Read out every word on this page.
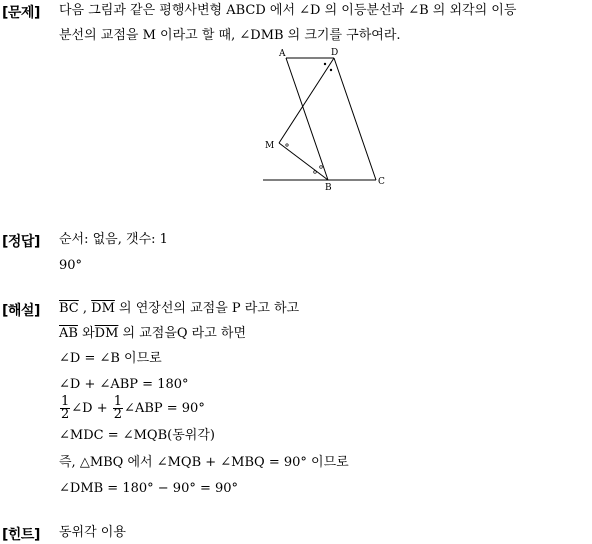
[문제] 다음 그림과 같은 평행사변형 ABCD 에서 ∠D 의 이등분선과 ∠B 의 외각의 이등
분선의 교점을 M 이라고 할 때, ∠DMB 의 크기를 구하여라.
A	D
M
B
C
[정답] 순서: 없음, 갯수: 1
90°
[해설] $\overline{BC}$ , $\overline{DM}$ 의 연장선의 교점을 P 라고 하고
$\overline{AB}$ 와$\overline{DM}$ 의 교점을Q 라고 하면
∠D = ∠B 이므로
∠D + ∠ABP = 180°
$\frac{1}{2}$ ∠D + $\frac{1}{2}$ ∠ABP = 90°
∠MDC = ∠MQB(동위각)
즉, △MBQ 에서 ∠MQB + ∠MBQ = 90° 이므로
∠DMB = 180° − 90° = 90°
[힌트] 동위각 이용
